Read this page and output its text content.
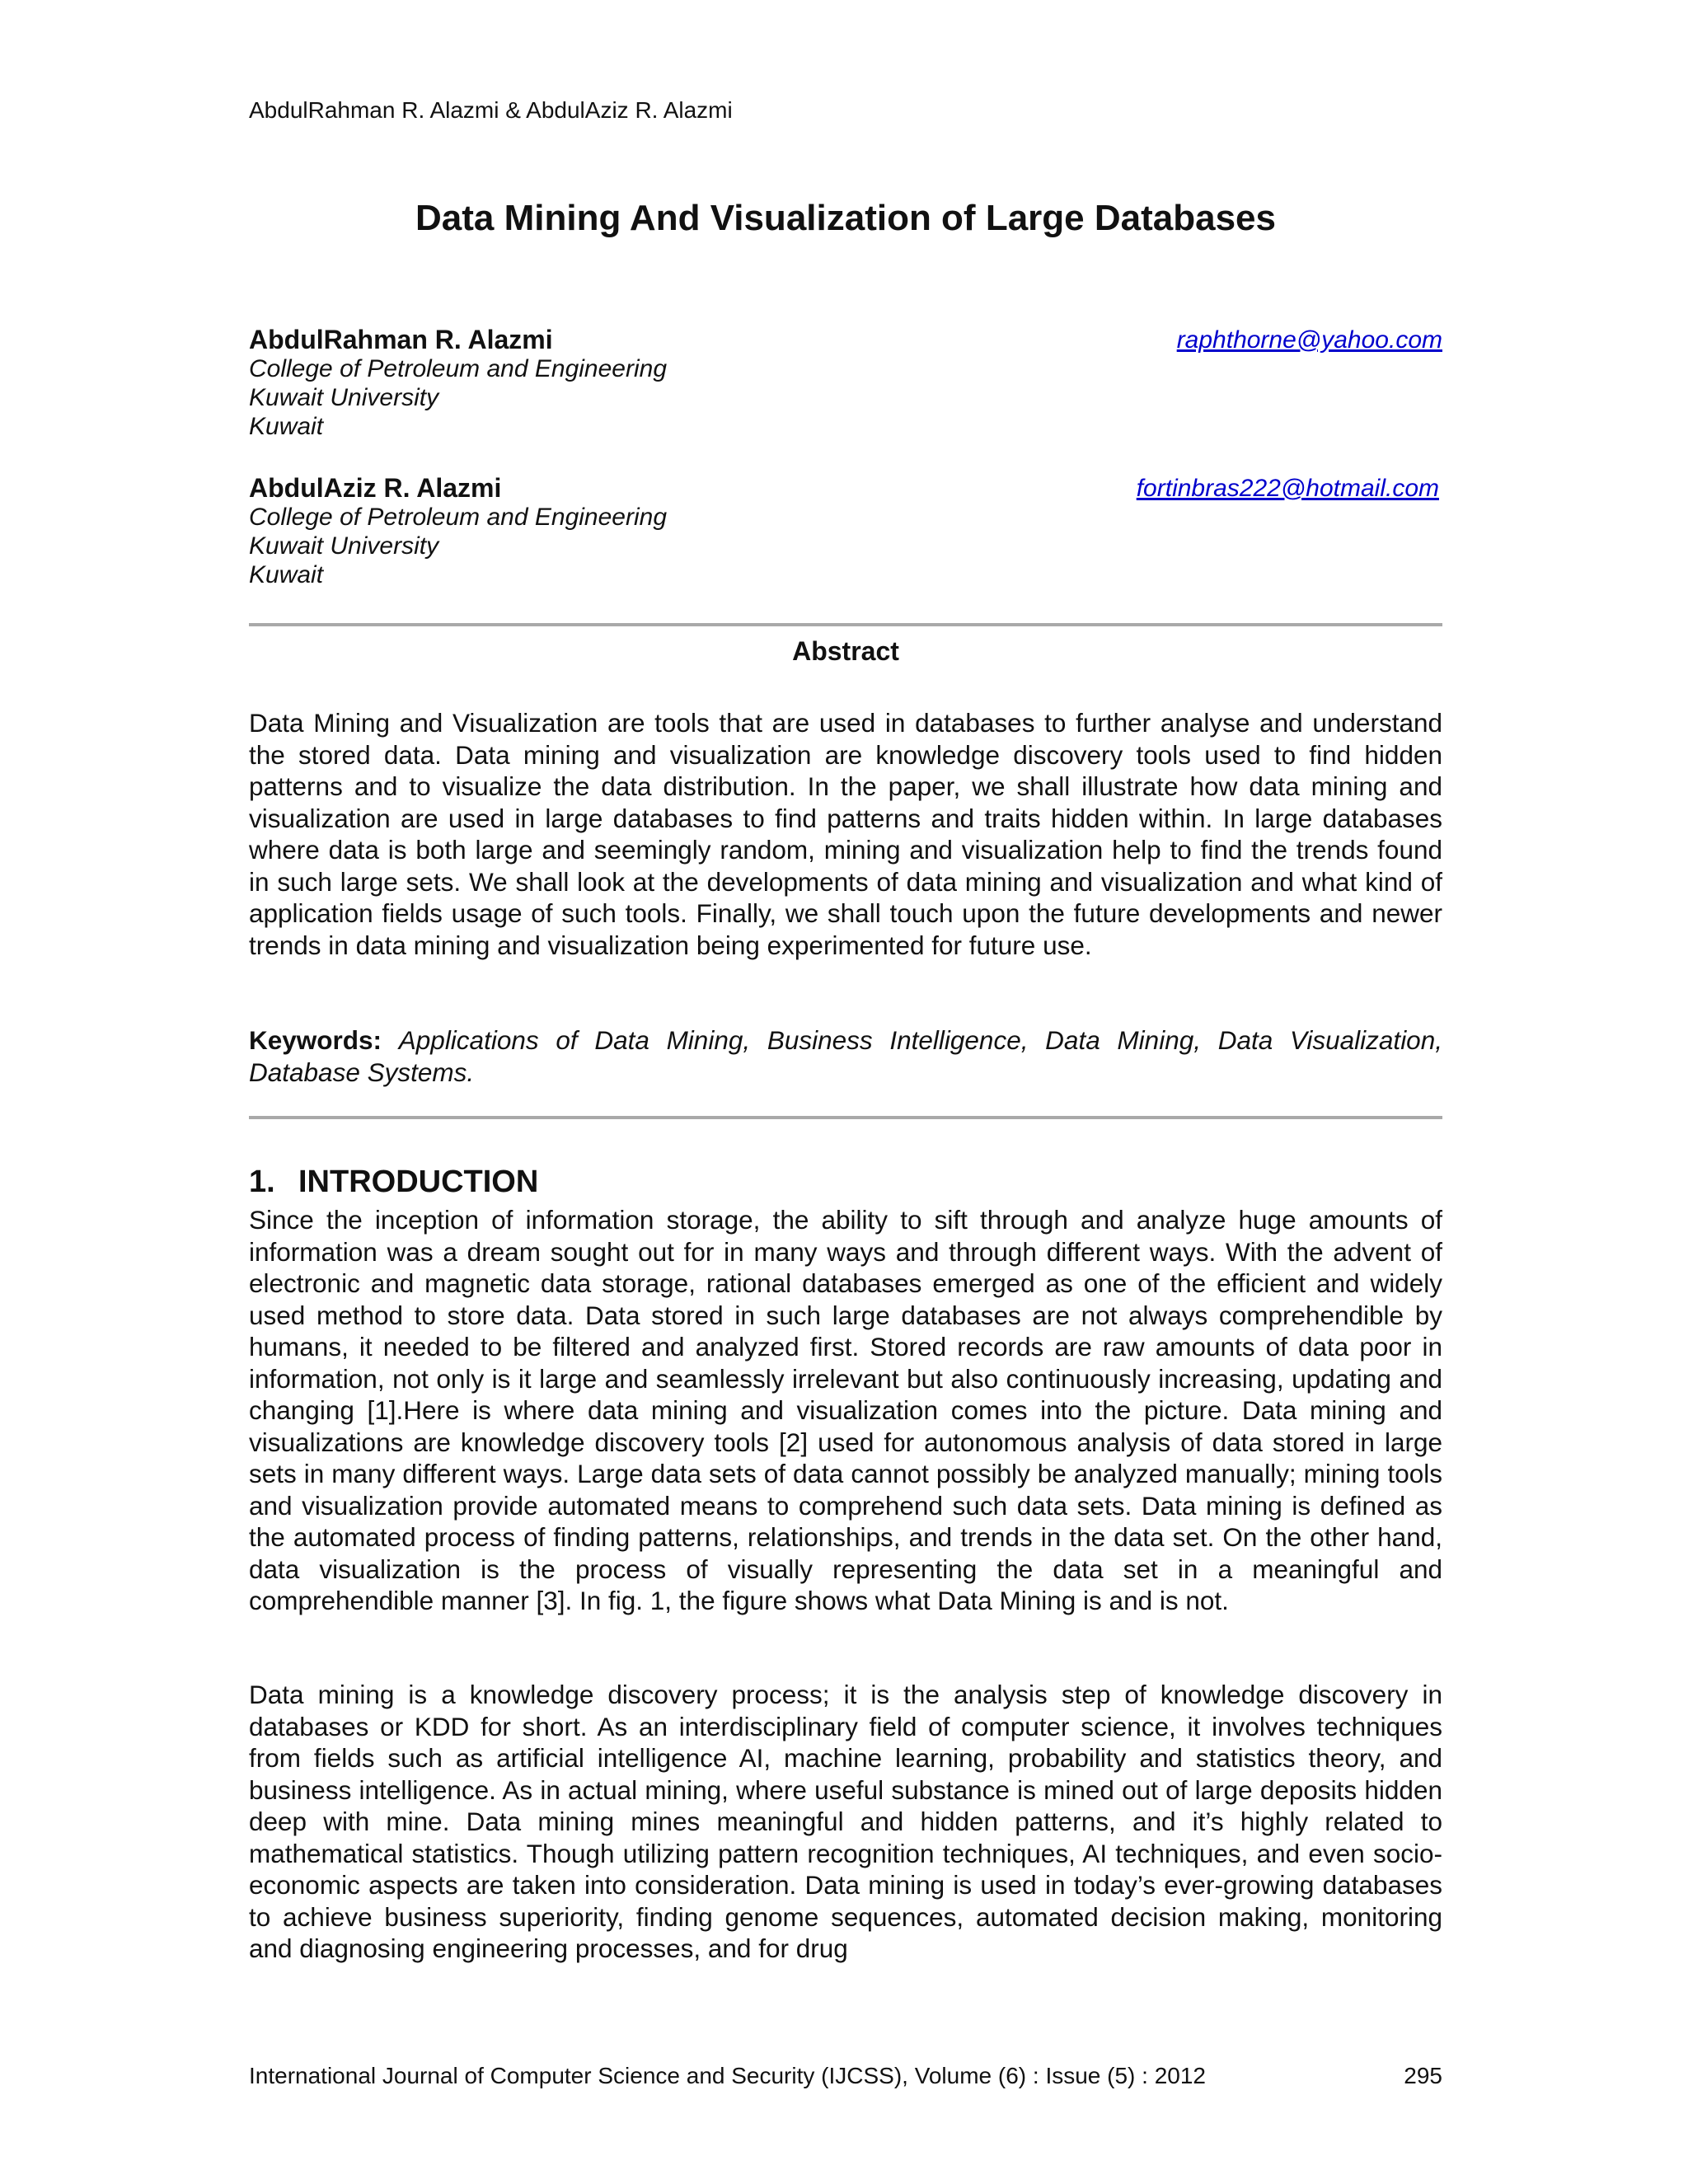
AbdulRahman R. Alazmi & AbdulAziz R. Alazmi
Data Mining And Visualization of Large Databases
AbdulRahman R. Alazmi
College of Petroleum and Engineering
Kuwait University
Kuwait
raphthorne@yahoo.com
AbdulAziz R. Alazmi
College of Petroleum and Engineering
Kuwait University
Kuwait
fortinbras222@hotmail.com
Abstract

Data Mining and Visualization are tools that are used in databases to further analyse and understand the stored data. Data mining and visualization are knowledge discovery tools used to find hidden patterns and to visualize the data distribution. In the paper, we shall illustrate how data mining and visualization are used in large databases to find patterns and traits hidden within. In large databases where data is both large and seemingly random, mining and visualization help to find the trends found in such large sets. We shall look at the developments of data mining and visualization and what kind of application fields usage of such tools. Finally, we shall touch upon the future developments and newer trends in data mining and visualization being experimented for future use.

Keywords: Applications of Data Mining, Business Intelligence, Data Mining, Data Visualization, Database Systems.

1. INTRODUCTION

Since the inception of information storage, the ability to sift through and analyze huge amounts of information was a dream sought out for in many ways and through different ways. With the advent of electronic and magnetic data storage, rational databases emerged as one of the efficient and widely used method to store data. Data stored in such large databases are not always comprehendible by humans, it needed to be filtered and analyzed first. Stored records are raw amounts of data poor in information, not only is it large and seamlessly irrelevant but also continuously increasing, updating and changing [1].Here is where data mining and visualization comes into the picture. Data mining and visualizations are knowledge discovery tools [2] used for autonomous analysis of data stored in large sets in many different ways. Large data sets of data cannot possibly be analyzed manually; mining tools and visualization provide automated means to comprehend such data sets. Data mining is defined as the automated process of finding patterns, relationships, and trends in the data set. On the other hand, data visualization is the process of visually representing the data set in a meaningful and comprehendible manner [3]. In fig. 1, the figure shows what Data Mining is and is not.

Data mining is a knowledge discovery process; it is the analysis step of knowledge discovery in databases or KDD for short. As an interdisciplinary field of computer science, it involves techniques from fields such as artificial intelligence AI, machine learning, probability and statistics theory, and business intelligence. As in actual mining, where useful substance is mined out of large deposits hidden deep with mine. Data mining mines meaningful and hidden patterns, and it’s highly related to mathematical statistics. Though utilizing pattern recognition techniques, AI techniques, and even socio-economic aspects are taken into consideration. Data mining is used in today’s ever-growing databases to achieve business superiority, finding genome sequences, automated decision making, monitoring and diagnosing engineering processes, and for drug

International Journal of Computer Science and Security (IJCSS), Volume (6) : Issue (5) : 2012	295
